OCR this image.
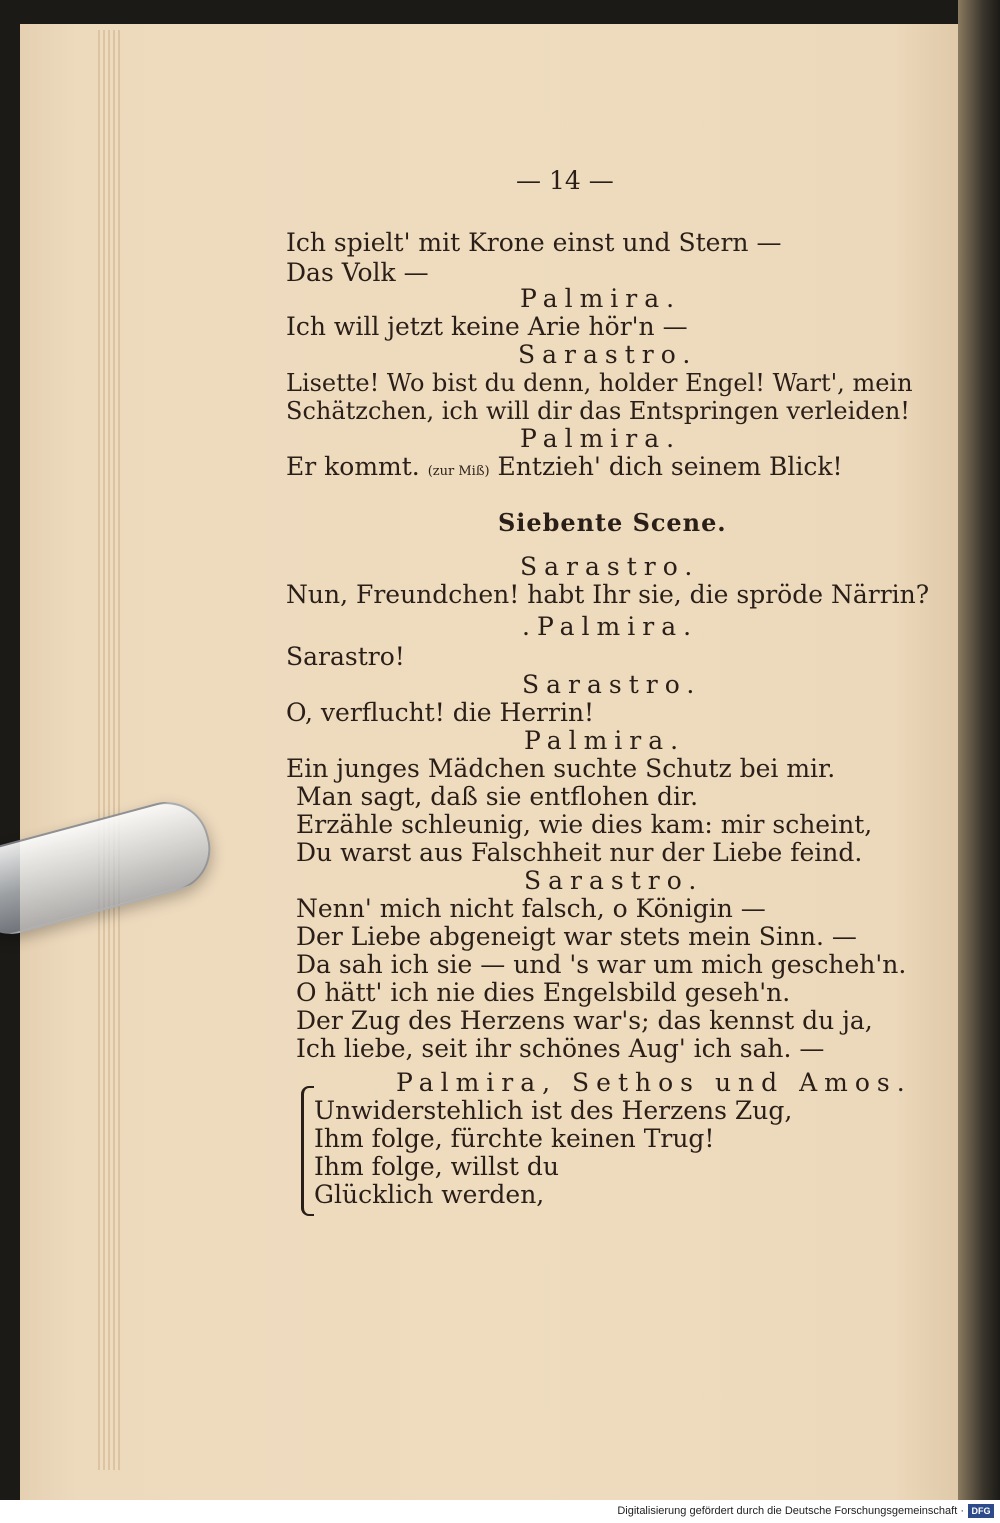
— 14 —
Ich spielt' mit Krone einst und Stern —
Das Volk —
Palmira.
Ich will jetzt keine Arie hör'n —
Sarastro.
Lisette! Wo bist du denn, holder Engel! Wart', mein
Schätzchen, ich will dir das Entspringen verleiden!
Palmira.
Er kommt. (zur Miß) Entzieh' dich seinem Blick!
Siebente Scene.
Sarastro.
Nun, Freundchen! habt Ihr sie, die spröde Närrin?
.Palmira.
Sarastro!
Sarastro.
O, verflucht! die Herrin!
Palmira.
Ein junges Mädchen suchte Schutz bei mir.
Man sagt, daß sie entflohen dir.
Erzähle schleunig, wie dies kam: mir scheint,
Du warst aus Falschheit nur der Liebe feind.
Sarastro.
Nenn' mich nicht falsch, o Königin —
Der Liebe abgeneigt war stets mein Sinn. —
Da sah ich sie — und 's war um mich gescheh'n.
O hätt' ich nie dies Engelsbild geseh'n.
Der Zug des Herzens war's; das kennst du ja,
Ich liebe, seit ihr schönes Aug' ich sah. —
Palmira, Sethos und Amos.
Unwiderstehlich ist des Herzens Zug,
Ihm folge, fürchte keinen Trug!
Ihm folge, willst du
Glücklich werden,
Digitalisierung gefördert durch die Deutsche Forschungsgemeinschaft · DFG
